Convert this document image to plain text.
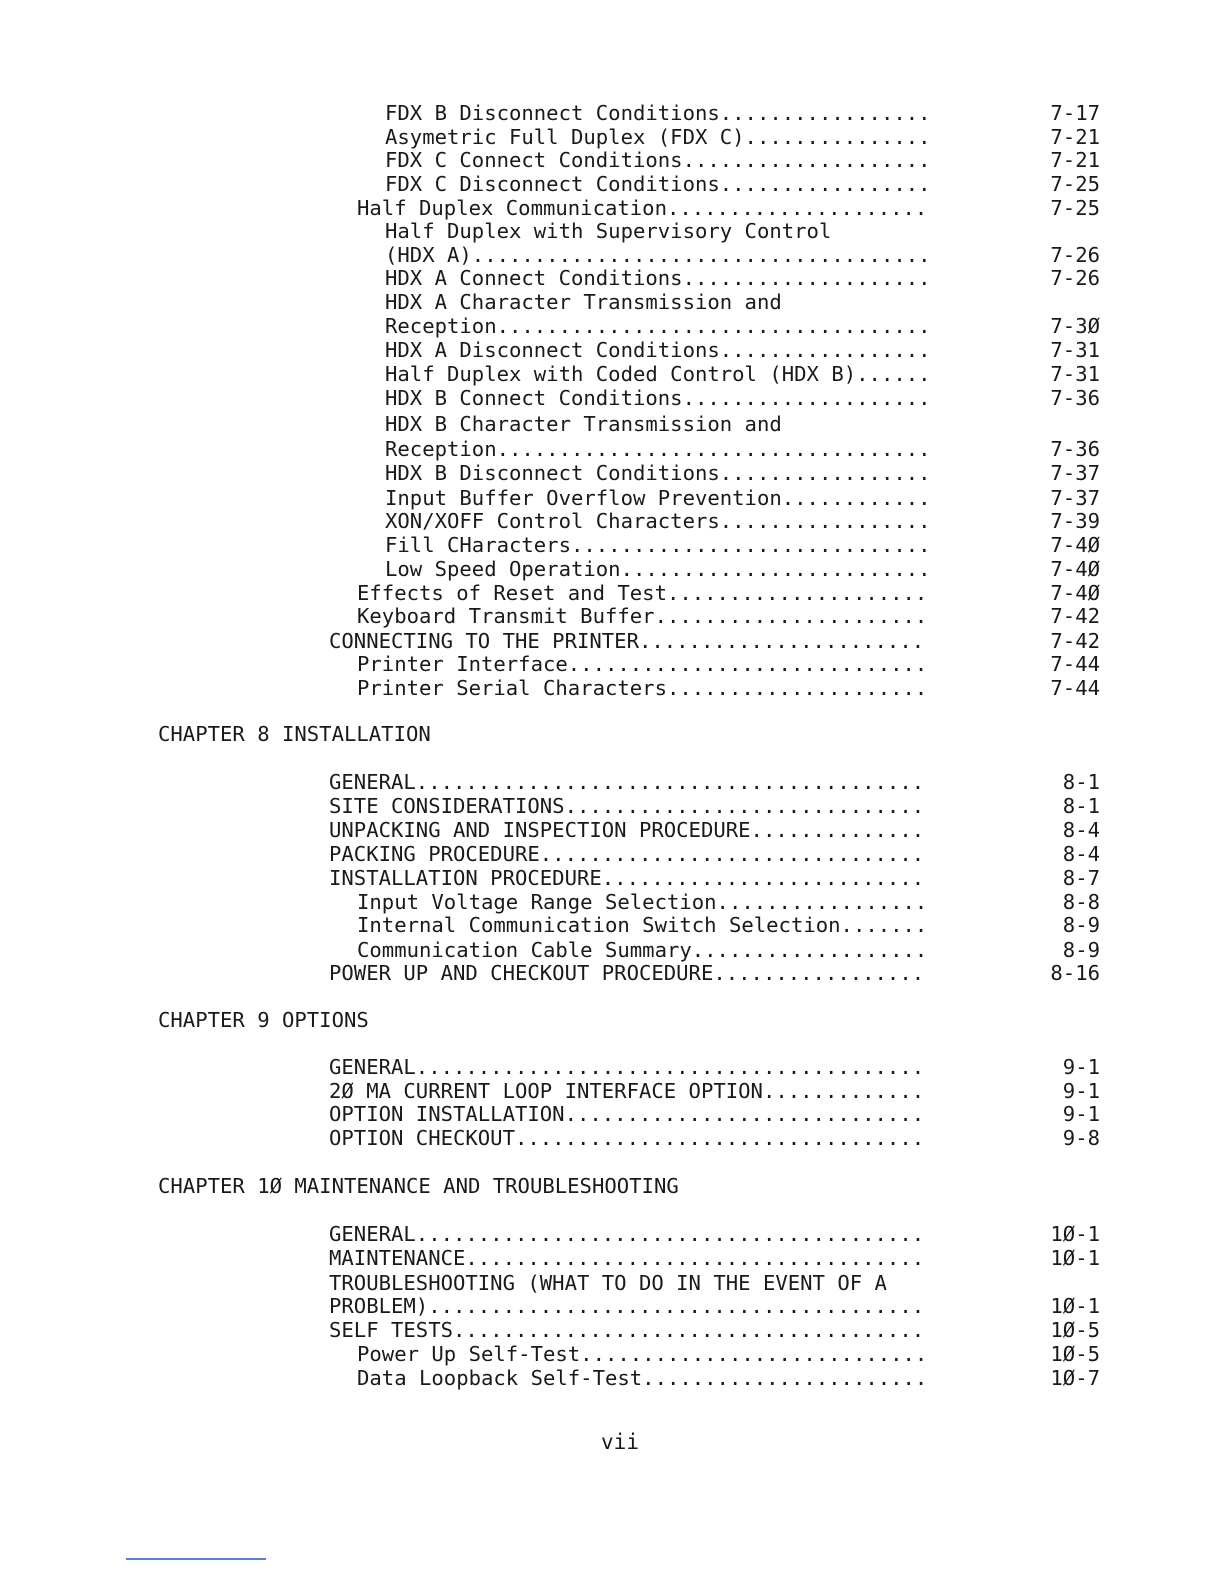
FDX B Disconnect Conditions.................	7-17
Asymetric Full Duplex (FDX C)...............	7-21
FDX C Connect Conditions....................	7-21
FDX C Disconnect Conditions.................	7-25
Half Duplex Communication.....................	7-25
Half Duplex with Supervisory Control
(HDX A).....................................	7-26
HDX A Connect Conditions....................	7-26
HDX A Character Transmission and
Reception...................................	7-3Ø
HDX A Disconnect Conditions.................	7-31
Half Duplex with Coded Control (HDX B)......	7-31
HDX B Connect Conditions....................	7-36
HDX B Character Transmission and
Reception...................................	7-36
HDX B Disconnect Conditions.................	7-37
Input Buffer Overflow Prevention............	7-37
XON/XOFF Control Characters.................	7-39
Fill CHaracters.............................	7-4Ø
Low Speed Operation.........................	7-4Ø
Effects of Reset and Test.....................	7-4Ø
Keyboard Transmit Buffer......................	7-42
CONNECTING TO THE PRINTER.......................	7-42
Printer Interface.............................	7-44
Printer Serial Characters.....................	7-44
CHAPTER 8 INSTALLATION
GENERAL.........................................	8-1
SITE CONSIDERATIONS.............................	8-1
UNPACKING AND INSPECTION PROCEDURE..............	8-4
PACKING PROCEDURE...............................	8-4
INSTALLATION PROCEDURE..........................	8-7
Input Voltage Range Selection.................	8-8
Internal Communication Switch Selection.......	8-9
Communication Cable Summary...................	8-9
POWER UP AND CHECKOUT PROCEDURE.................	8-16
CHAPTER 9 OPTIONS
GENERAL.........................................	9-1
2Ø MA CURRENT LOOP INTERFACE OPTION.............	9-1
OPTION INSTALLATION.............................	9-1
OPTION CHECKOUT.................................	9-8
CHAPTER 1Ø MAINTENANCE AND TROUBLESHOOTING
GENERAL.........................................	1Ø-1
MAINTENANCE.....................................	1Ø-1
TROUBLESHOOTING (WHAT TO DO IN THE EVENT OF A
PROBLEM)........................................	1Ø-1
SELF TESTS......................................	1Ø-5
Power Up Self-Test............................	1Ø-5
Data Loopback Self-Test.......................	1Ø-7
vii
